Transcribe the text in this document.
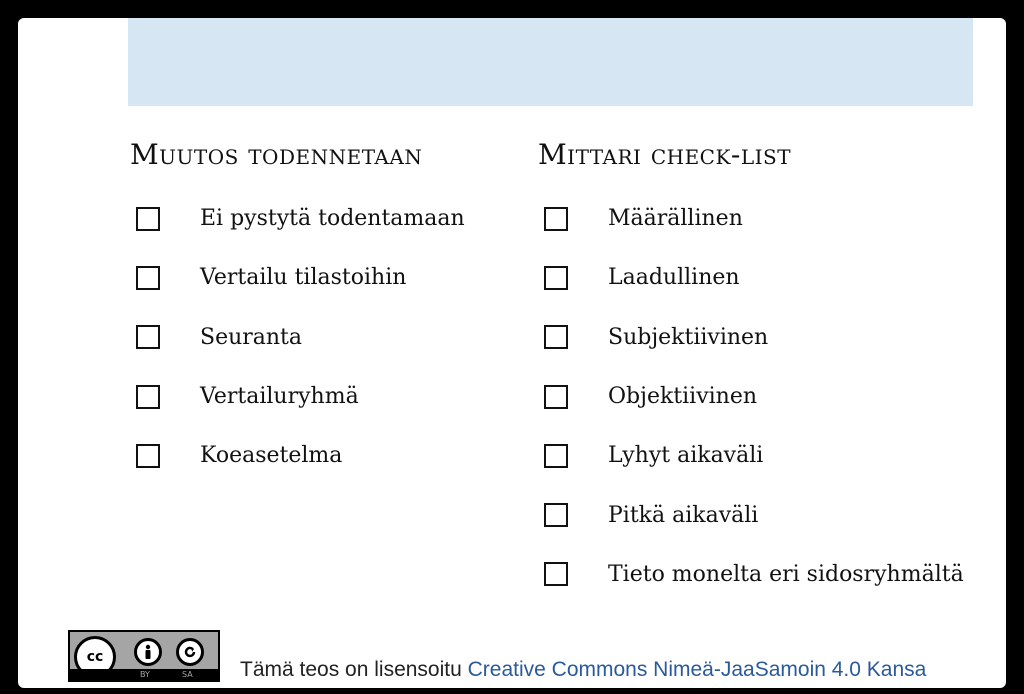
Muutos todennetaan
Ei pystytä todentamaan
Vertailu tilastoihin
Seuranta
Vertailuryhmä
Koeasetelma
Mittari check-list
Määrällinen
Laadullinen
Subjektiivinen
Objektiivinen
Lyhyt aikaväli
Pitkä aikaväli
Tieto monelta eri sidosryhmältä
cc
BY	SA Tämä teos on lisensoitu Creative Commons Nimeä-JaaSamoin 4.0 Kansa
